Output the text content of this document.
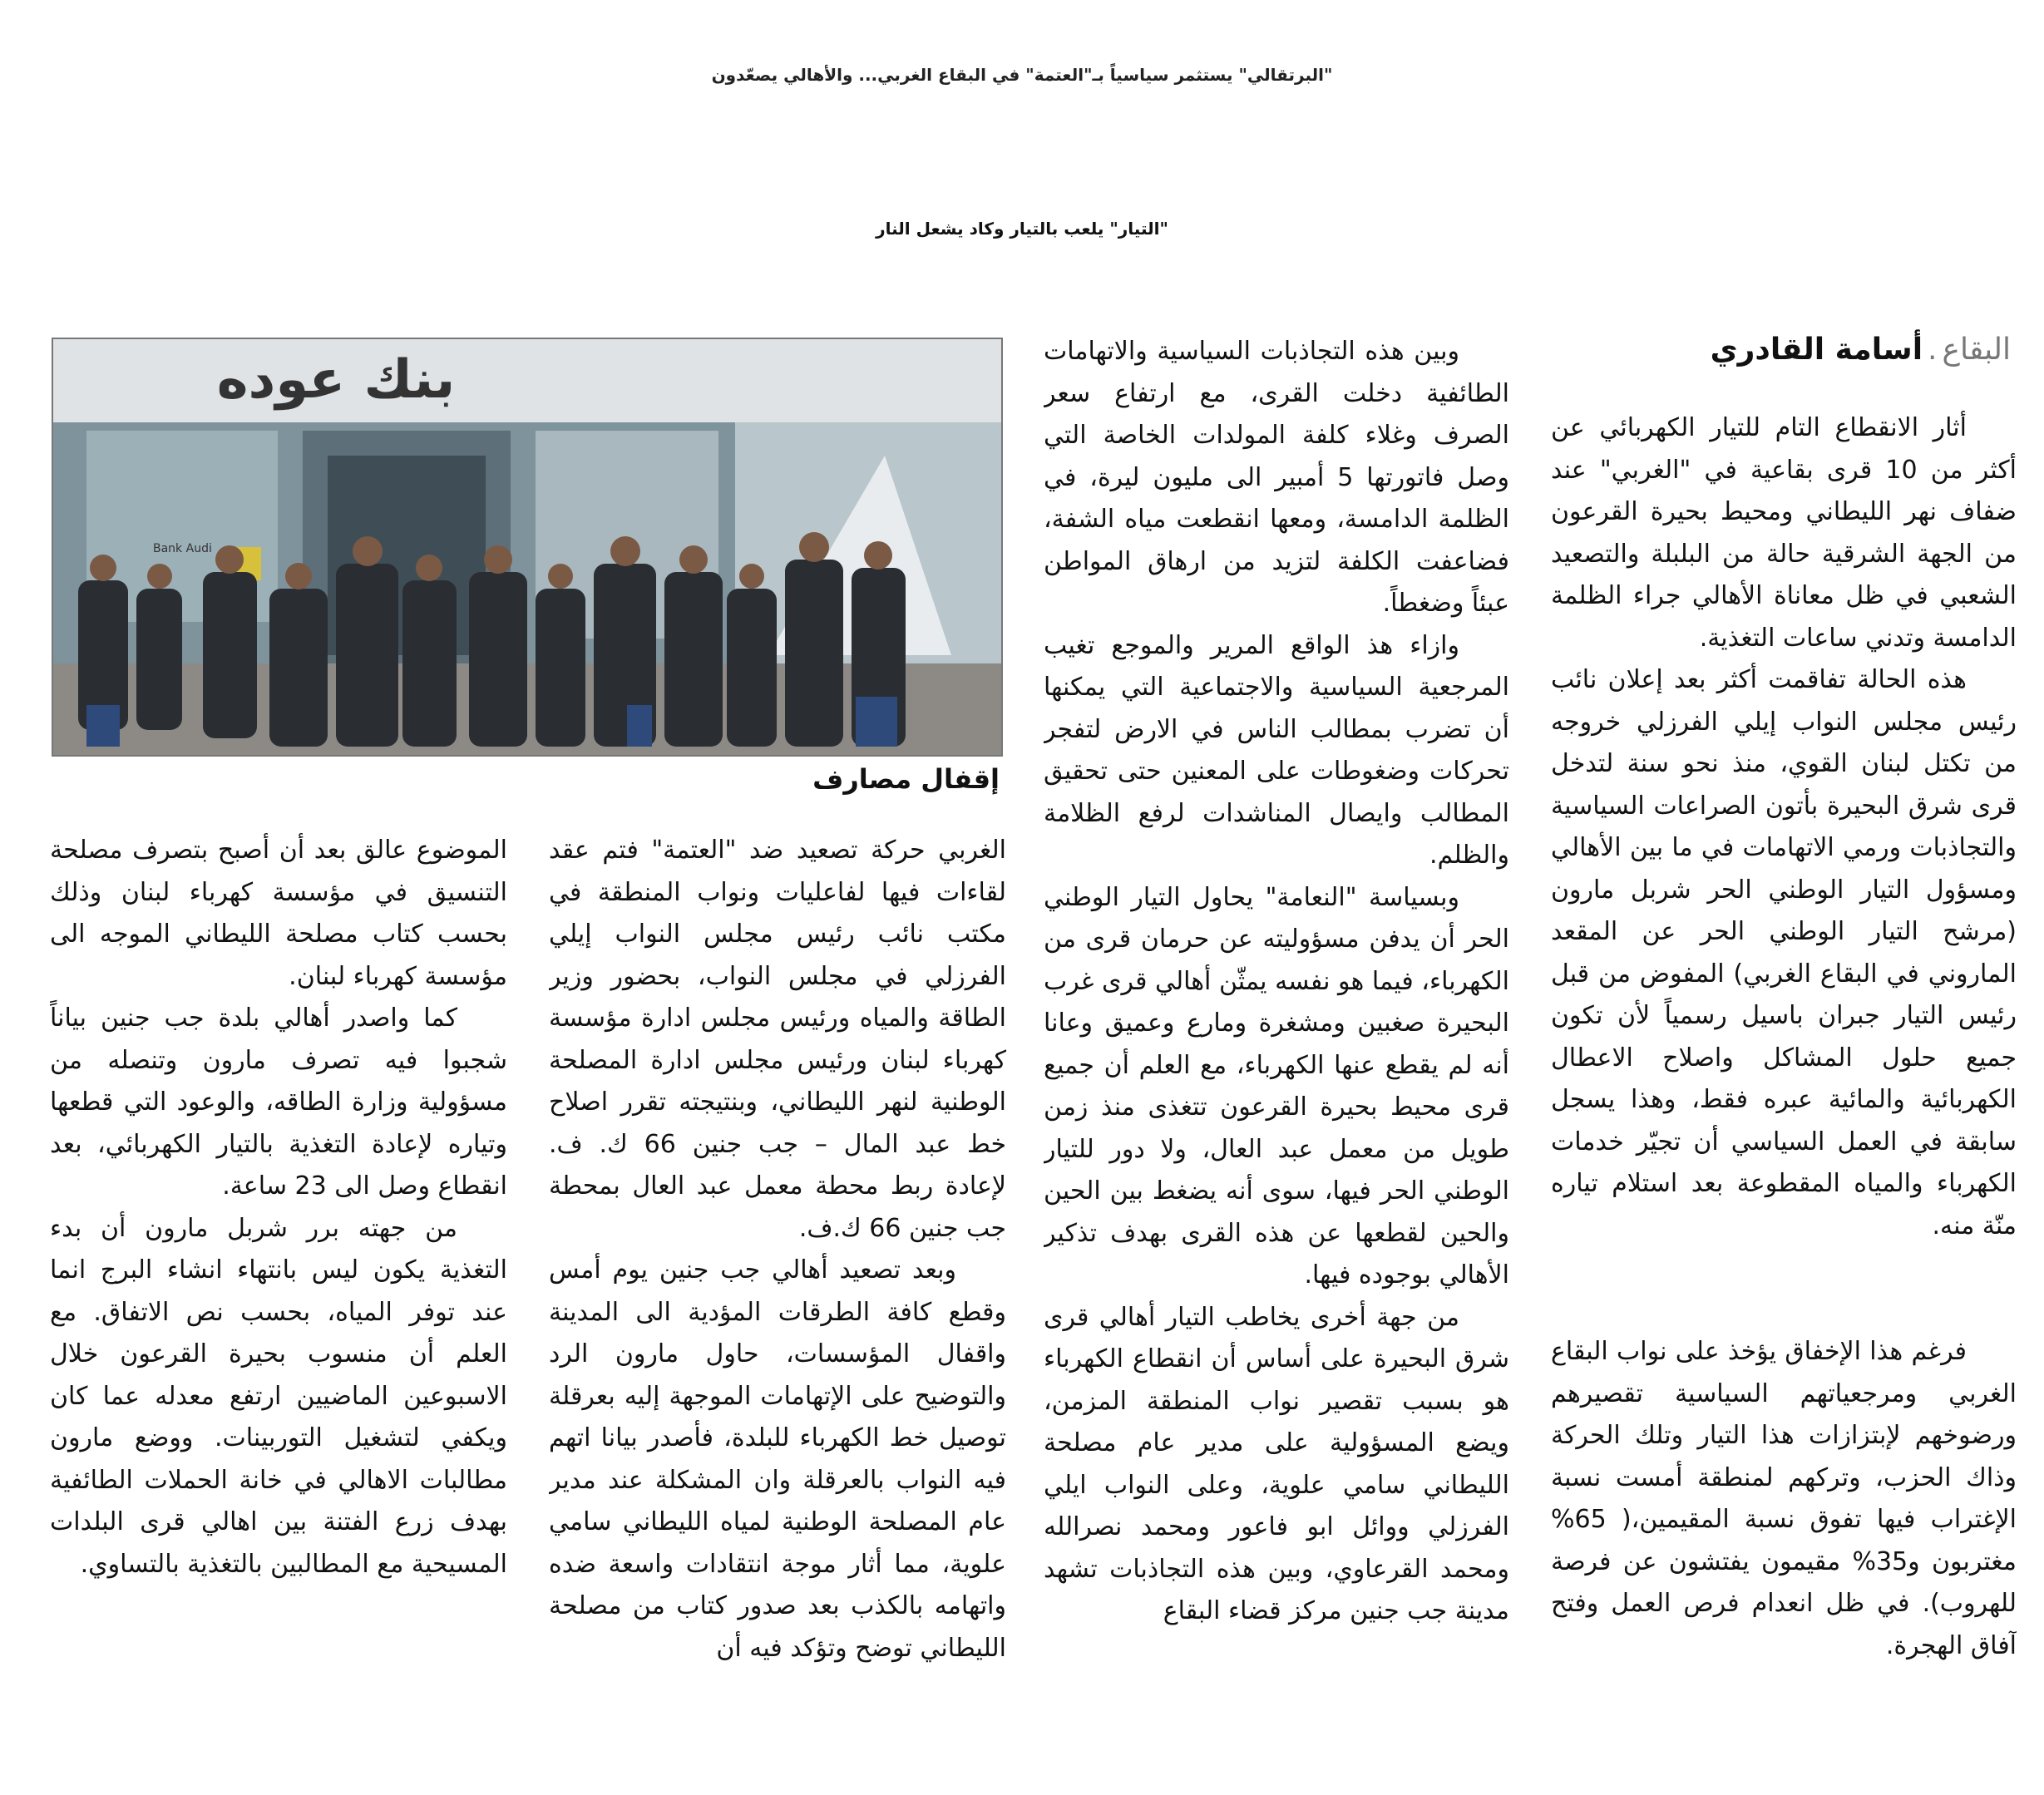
"البرتقالي" يستثمر سياسياً بـ"العتمة" في البقاع الغربي... والأهالي يصعّدون
"التيار" يلعب بالتيار وكاد يشعل النار
البقاع.أسامة القادري
بنك عوده
Bank Audi
إقفال مصارف

أثار الانقطاع التام للتيار الكهربائي عن أكثر من 10 قرى بقاعية في "الغربي" عند ضفاف نهر الليطاني ومحيط بحيرة القرعون من الجهة الشرقية حالة من البلبلة والتصعيد الشعبي في ظل معاناة الأهالي جراء الظلمة الدامسة وتدني ساعات التغذية.

هذه الحالة تفاقمت أكثر بعد إعلان نائب رئيس مجلس النواب إيلي الفرزلي خروجه من تكتل لبنان القوي، منذ نحو سنة لتدخل قرى شرق البحيرة بأتون الصراعات السياسية والتجاذبات ورمي الاتهامات في ما بين الأهالي ومسؤول التيار الوطني الحر شربل مارون (مرشح التيار الوطني الحر عن المقعد الماروني في البقاع الغربي) المفوض من قبل رئيس التيار جبران باسيل رسمياً لأن تكون جميع حلول المشاكل واصلاح الاعطال الكهربائية والمائية عبره فقط، وهذا يسجل سابقة في العمل السياسي أن تجيّر خدمات الكهرباء والمياه المقطوعة بعد استلام تياره منّة منه.

فرغم هذا الإخفاق يؤخذ على نواب البقاع الغربي ومرجعياتهم السياسية تقصيرهم ورضوخهم لإبتزازات هذا التيار وتلك الحركة وذاك الحزب، وتركهم لمنطقة أمست نسبة الإغتراب فيها تفوق نسبة المقيمين،( 65% مغتربون و35% مقيمون يفتشون عن فرصة للهروب). في ظل انعدام فرص العمل وفتح آفاق الهجرة.

وبين هذه التجاذبات السياسية والاتهامات الطائفية دخلت القرى، مع ارتفاع سعر الصرف وغلاء كلفة المولدات الخاصة التي وصل فاتورتها 5 أمبير الى مليون ليرة، في الظلمة الدامسة، ومعها انقطعت مياه الشفة، فضاعفت الكلفة لتزيد من ارهاق المواطن عبئاً وضغطاً.

وازاء هذ الواقع المرير والموجع تغيب المرجعية السياسية والاجتماعية التي يمكنها أن تضرب بمطالب الناس في الارض لتفجر تحركات وضغوطات على المعنين حتى تحقيق المطالب وايصال المناشدات لرفع الظلامة والظلم.

وبسياسة "النعامة" يحاول التيار الوطني الحر أن يدفن مسؤوليته عن حرمان قرى من الكهرباء، فيما هو نفسه يمثّن أهالي قرى غرب البحيرة صغبين ومشغرة ومارع وعميق وعانا أنه لم يقطع عنها الكهرباء، مع العلم أن جميع قرى محيط بحيرة القرعون تتغذى منذ زمن طويل من معمل عبد العال، ولا دور للتيار الوطني الحر فيها، سوى أنه يضغط بين الحين والحين لقطعها عن هذه القرى بهدف تذكير الأهالي بوجوده فيها.

من جهة أخرى يخاطب التيار أهالي قرى شرق البحيرة على أساس أن انقطاع الكهرباء هو بسبب تقصير نواب المنطقة المزمن، ويضع المسؤولية على مدير عام مصلحة الليطاني سامي علوية، وعلى النواب ايلي الفرزلي ووائل ابو فاعور ومحمد نصرالله ومحمد القرعاوي، وبين هذه التجاذبات تشهد مدينة جب جنين مركز قضاء البقاع

الغربي حركة تصعيد ضد "العتمة" فتم عقد لقاءات فيها لفاعليات ونواب المنطقة في مكتب نائب رئيس مجلس النواب إيلي الفرزلي في مجلس النواب، بحضور وزير الطاقة والمياه ورئيس مجلس ادارة مؤسسة كهرباء لبنان ورئيس مجلس ادارة المصلحة الوطنية لنهر الليطاني، وبنتيجته تقرر اصلاح خط عبد المال – جب جنين 66 ك. ف. لإعادة ربط محطة معمل عبد العال بمحطة جب جنين 66 ك.ف.

وبعد تصعيد أهالي جب جنين يوم أمس وقطع كافة الطرقات المؤدية الى المدينة واقفال المؤسسات، حاول مارون الرد والتوضيح على الإتهامات الموجهة إليه بعرقلة توصيل خط الكهرباء للبلدة، فأصدر بيانا اتهم فيه النواب بالعرقلة وان المشكلة عند مدير عام المصلحة الوطنية لمياه الليطاني سامي علوية، مما أثار موجة انتقادات واسعة ضده واتهامه بالكذب بعد صدور كتاب من مصلحة الليطاني توضح وتؤكد فيه أن

الموضوع عالق بعد أن أصبح بتصرف مصلحة التنسيق في مؤسسة كهرباء لبنان وذلك بحسب كتاب مصلحة الليطاني الموجه الى مؤسسة كهرباء لبنان.

كما واصدر أهالي بلدة جب جنين بياناً شجبوا فيه تصرف مارون وتنصله من مسؤولية وزارة الطاقه، والوعود التي قطعها وتياره لإعادة التغذية بالتيار الكهربائي، بعد انقطاع وصل الى 23 ساعة.

من جهته برر شربل مارون أن بدء التغذية يكون ليس بانتهاء انشاء البرج انما عند توفر المياه، بحسب نص الاتفاق. مع العلم أن منسوب بحيرة القرعون خلال الاسبوعين الماضيين ارتفع معدله عما كان ويكفي لتشغيل التوربينات. ووضع مارون مطالبات الاهالي في خانة الحملات الطائفية بهدف زرع الفتنة بين اهالي قرى البلدات المسيحية مع المطالبين بالتغذية بالتساوي.
